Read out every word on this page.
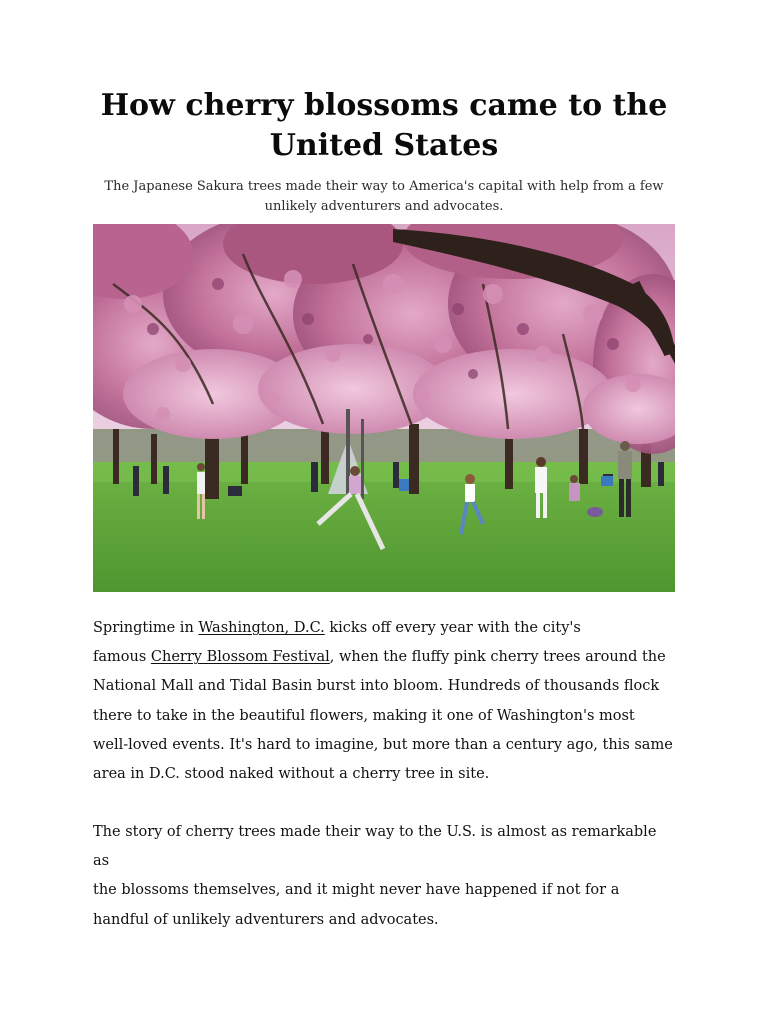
How cherry blossoms came to the
United States

The Japanese Sakura trees made their way to America's capital with help from a few
unlikely adventurers and advocates.

Springtime in Washington, D.C. kicks off every year with the city's
famous Cherry Blossom Festival, when the fluffy pink cherry trees around the
National Mall and Tidal Basin burst into bloom. Hundreds of thousands flock
there to take in the beautiful flowers, making it one of Washington's most
well-loved events. It's hard to imagine, but more than a century ago, this same
area in D.C. stood naked without a cherry tree in site.

The story of cherry trees made their way to the U.S. is almost as remarkable as
the blossoms themselves, and it might never have happened if not for a
handful of unlikely adventurers and advocates.
